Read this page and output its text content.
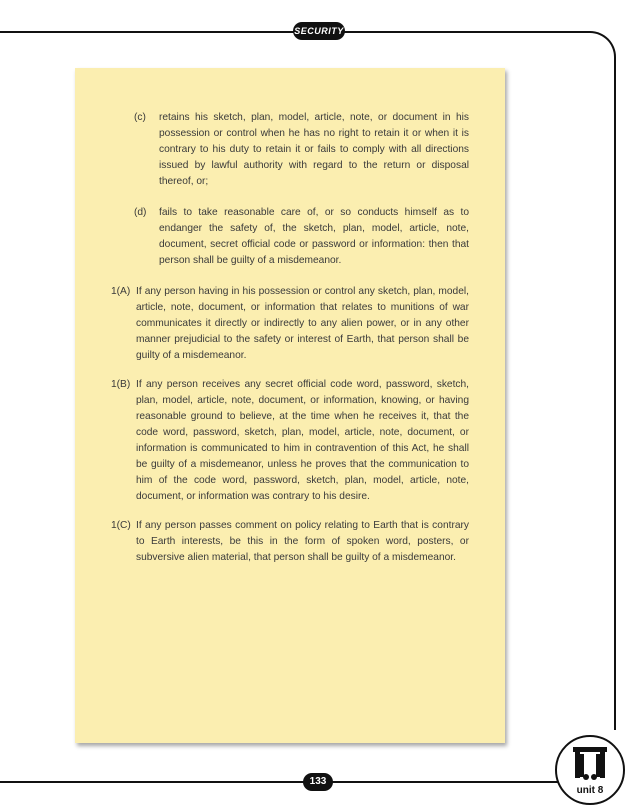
SECURITY
(c) retains his sketch, plan, model, article, note, or document in his possession or control when he has no right to retain it or when it is contrary to his duty to retain it or fails to comply with all directions issued by lawful authority with regard to the return or disposal thereof, or;
(d) fails to take reasonable care of, or so conducts himself as to endanger the safety of, the sketch, plan, model, article, note, document, secret official code or password or information: then that person shall be guilty of a misdemeanor.
1(A) If any person having in his possession or control any sketch, plan, model, article, note, document, or information that relates to munitions of war communicates it directly or indirectly to any alien power, or in any other manner prejudicial to the safety or interest of Earth, that person shall be guilty of a misdemeanor.
1(B) If any person receives any secret official code word, password, sketch, plan, model, article, note, document, or information, knowing, or having reasonable ground to believe, at the time when he receives it, that the code word, password, sketch, plan, model, article, note, document, or information is communicated to him in contravention of this Act, he shall be guilty of a misdemeanor, unless he proves that the communication to him of the code word, password, sketch, plan, model, article, note, document, or information was contrary to his desire.
1(C) If any person passes comment on policy relating to Earth that is contrary to Earth interests, be this in the form of spoken word, posters, or subversive alien material, that person shall be guilty of a misdemeanor.
133
unit 8
